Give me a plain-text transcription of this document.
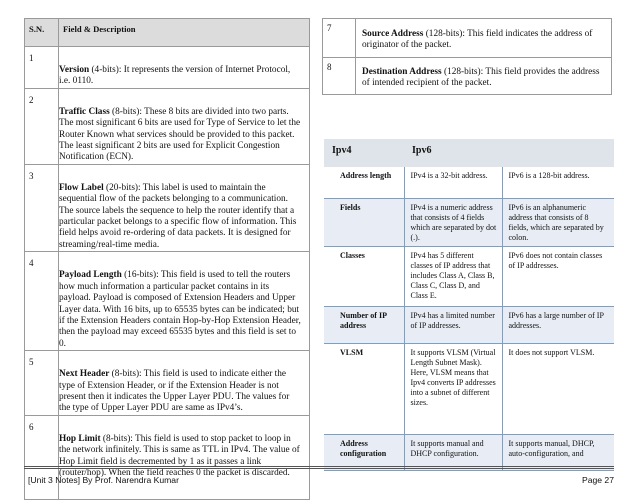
S.N.	Field & Description

1	Version (4-bits): It represents the version of Internet Protocol, i.e. 0110.

2	Traffic Class (8-bits): These 8 bits are divided into two parts. The most significant 6 bits are used for Type of Service to let the Router Known what services should be provided to this packet. The least significant 2 bits are used for Explicit Congestion Notification (ECN).

3	Flow Label (20-bits): This label is used to maintain the sequential flow of the packets belonging to a communication. The source labels the sequence to help the router identify that a particular packet belongs to a specific flow of information. This field helps avoid re-ordering of data packets. It is designed for streaming/real-time media.

4	Payload Length (16-bits): This field is used to tell the routers how much information a particular packet contains in its payload. Payload is composed of Extension Headers and Upper Layer data. With 16 bits, up to 65535 bytes can be indicated; but if the Extension Headers contain Hop-by-Hop Extension Header, then the payload may exceed 65535 bytes and this field is set to 0.

5	Next Header (8-bits): This field is used to indicate either the type of Extension Header, or if the Extension Header is not present then it indicates the Upper Layer PDU. The values for the type of Upper Layer PDU are same as IPv4’s.

6	Hop Limit (8-bits): This field is used to stop packet to loop in the network infinitely. This is same as TTL in IPv4. The value of Hop Limit field is decremented by 1 as it passes a link (router/hop). When the field reaches 0 the packet is discarded.
7	Source Address (128-bits): This field indicates the address of originator of the packet.

8	Destination Address (128-bits): This field provides the address of intended recipient of the packet.
Ipv4	Ipv6	
Address length	IPv4 is a 32-bit address.	IPv6 is a 128-bit address.
Fields	IPv4 is a numeric address that consists of 4 fields which are separated by dot (.).	IPv6 is an alphanumeric address that consists of 8 fields, which are separated by colon.
Classes	IPv4 has 5 different classes of IP address that includes Class A, Class B, Class C, Class D, and Class E.	IPv6 does not contain classes of IP addresses.
Number of IP address	IPv4 has a limited number of IP addresses.	IPv6 has a large number of IP addresses.
VLSM	It supports VLSM (Virtual Length Subnet Mask). Here, VLSM means that Ipv4 converts IP addresses into a subnet of different sizes.	It does not support VLSM.
Address configuration	It supports manual and DHCP configuration.	It supports manual, DHCP, auto-configuration, and
[Unit 3 Notes] By Prof. Narendra Kumar	Page 27
